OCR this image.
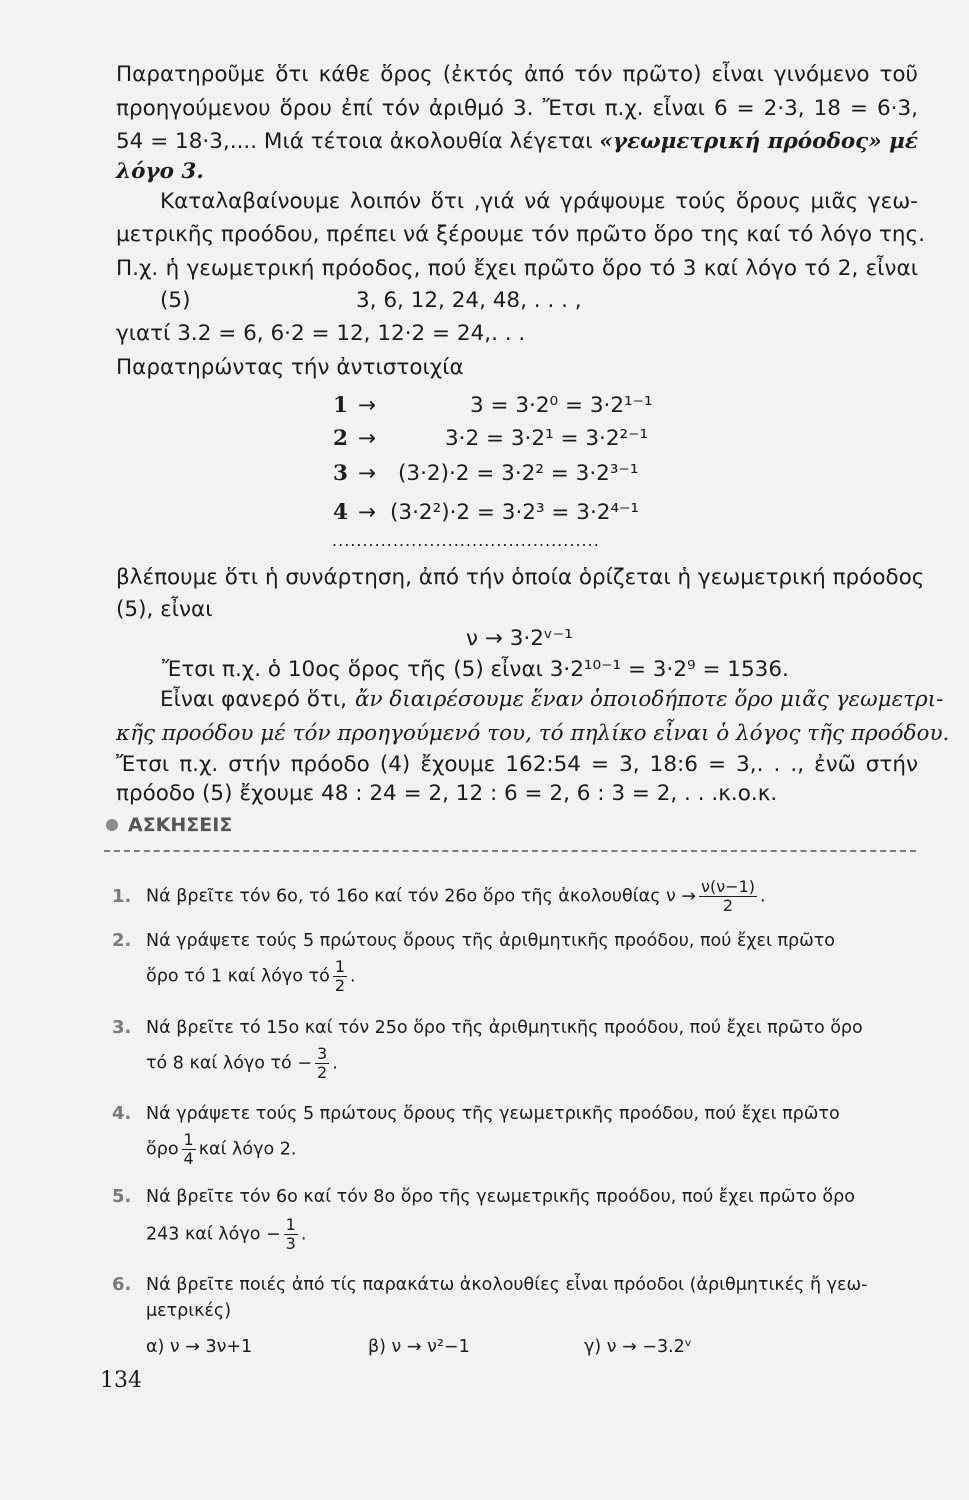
Παρατηροῦμε ὅτι κάθε ὅρος (ἐκτός ἀπό τόν πρῶτο) εἶναι γινόμενο τοῦ
προηγούμενου ὅρου ἐπί τόν ἀριθμό 3. Ἔτσι π.χ. εἶναι 6 = 2·3, 18 = 6·3,
54 = 18·3,.... Μιά τέτοια ἀκολουθία λέγεται «γεωμετρική πρόοδος» μέ
λόγο 3.
Καταλαβαίνουμε λοιπόν ὅτι ,γιά νά γράψουμε τούς ὅρους μιᾶς γεω-
μετρικῆς προόδου, πρέπει νά ξέρουμε τόν πρῶτο ὅρο της καί τό λόγο της.
Π.χ. ἡ γεωμετρική πρόοδος, πού ἔχει πρῶτο ὅρο τό 3 καί λόγο τό 2, εἶναι
(5)	3, 6, 12, 24, 48, . . . ,
γιατί 3.2 = 6, 6·2 = 12, 12·2 = 24,. . .
Παρατηρώντας τήν ἀντιστοιχία
1 →	3 = 3·2⁰ = 3·2¹⁻¹
2 →	3·2 = 3·2¹ = 3·2²⁻¹
3 → (3·2)·2 = 3·2² = 3·2³⁻¹
4 → (3·2²)·2 = 3·2³ = 3·2⁴⁻¹
............................................
βλέπουμε ὅτι ἡ συνάρτηση, ἀπό τήν ὁποία ὁρίζεται ἡ γεωμετρική πρόοδος
(5), εἶναι
ν → 3·2ᵛ⁻¹
Ἔτσι π.χ. ὁ 10ος ὅρος τῆς (5) εἶναι 3·2¹⁰⁻¹ = 3·2⁹ = 1536.
Εἶναι φανερό ὅτι, ἄν διαιρέσουμε ἕναν ὁποιοδήποτε ὅρο μιᾶς γεωμετρι-
κῆς προόδου μέ τόν προηγούμενό του, τό πηλίκο εἶναι ὁ λόγος τῆς προόδου.
Ἔτσι π.χ. στήν πρόοδο (4) ἔχουμε 162:54 = 3, 18:6 = 3,. . ., ἐνῶ στήν
πρόοδο (5) ἔχουμε 48 : 24 = 2, 12 : 6 = 2, 6 : 3 = 2, . . .κ.ο.κ.
ΑΣΚΗΣΕΙΣ
1. Νά βρεῖτε τόν 6ο, τό 16ο καί τόν 26ο ὅρο τῆς ἀκολουθίας $\nu \to \frac{\nu(\nu-1)}{2}$ .
2. Νά γράψετε τούς 5 πρώτους ὅρους τῆς ἀριθμητικῆς προόδου, πού ἔχει πρῶτο
ὅρο τό 1 καί λόγο τό $\frac{1}{2}$ .
3. Νά βρεῖτε τό 15ο καί τόν 25ο ὅρο τῆς ἀριθμητικῆς προόδου, πού ἔχει πρῶτο ὅρο
τό 8 καί λόγο $\tau ό - \frac{3}{2}$ .
4. Νά γράψετε τούς 5 πρώτους ὅρους τῆς γεωμετρικῆς προόδου, πού ἔχει πρῶτο
ὅρο $\frac{1}{4}$ καί λόγο 2.
5. Νά βρεῖτε τόν 6ο καί τόν 8ο ὅρο τῆς γεωμετρικῆς προόδου, πού ἔχει πρῶτο ὅρο
243 καί $\lambda ό\gamma o - \frac{1}{3}$ .
6. Νά βρεῖτε ποιές ἀπό τίς παρακάτω ἀκολουθίες εἶναι πρόοδοι (ἀριθμητικές ἤ γεω-
μετρικές)
α) ν → 3ν+1	β) ν → ν²−1	γ) ν → −3.2ᵛ
134
